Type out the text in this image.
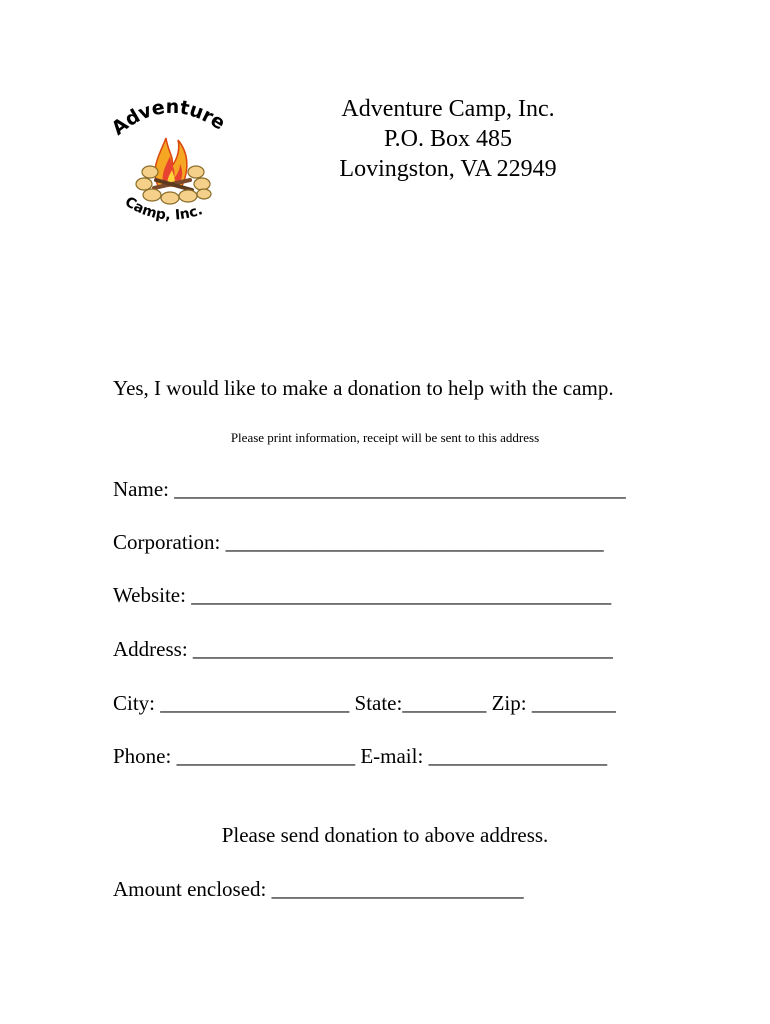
Adventure
Camp, Inc.
Adventure Camp, Inc.
P.O. Box 485
Lovingston, VA 22949
Yes, I would like to make a donation to help with the camp.
Please print information, receipt will be sent to this address
Name: ___________________________________________
Corporation: ____________________________________
Website: ________________________________________
Address: ________________________________________
City: __________________ State:________ Zip: ________
Phone: _________________ E-mail: _________________
Please send donation to above address.
Amount enclosed: ________________________
